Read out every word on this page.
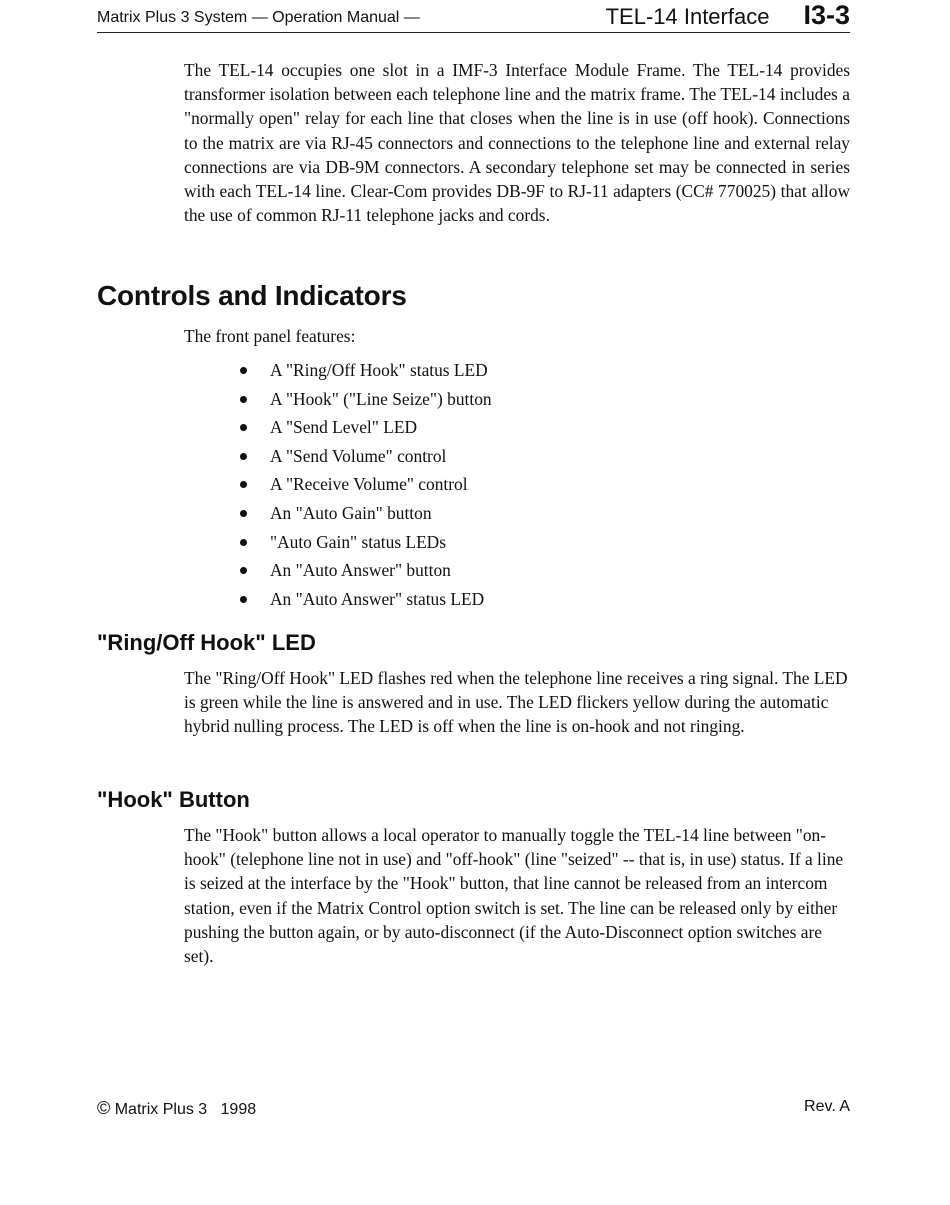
Matrix Plus 3 System — Operation Manual —	TEL-14 Interface I3-3

The TEL-14 occupies one slot in a IMF-3 Interface Module Frame. The TEL-14 provides transformer isolation between each telephone line and the matrix frame. The TEL-14 includes a "normally open" relay for each line that closes when the line is in use (off hook). Connections to the matrix are via RJ-45 connectors and connections to the telephone line and external relay connections are via DB-9M connectors. A secondary telephone set may be connected in series with each TEL-14 line. Clear-Com provides DB-9F to RJ-11 adapters (CC# 770025) that allow the use of common RJ-11 telephone jacks and cords.

Controls and Indicators

The front panel features:

A "Ring/Off Hook" status LED
A "Hook" ("Line Seize") button
A "Send Level" LED
A "Send Volume" control
A "Receive Volume" control
An "Auto Gain" button
"Auto Gain" status LEDs
An "Auto Answer" button
An "Auto Answer" status LED
"Ring/Off Hook" LED

The "Ring/Off Hook" LED flashes red when the telephone line receives a ring signal. The LED is green while the line is answered and in use. The LED flickers yellow during the automatic hybrid nulling process. The LED is off when the line is on-hook and not ringing.

"Hook" Button

The "Hook" button allows a local operator to manually toggle the TEL-14 line between "on-hook" (telephone line not in use) and "off-hook" (line "seized" -- that is, in use) status. If a line is seized at the interface by the "Hook" button, that line cannot be released from an intercom station, even if the Matrix Control option switch is set. The line can be released only by either pushing the button again, or by auto-disconnect (if the Auto-Disconnect option switches are set).

© Matrix Plus 3   1998	Rev. A
